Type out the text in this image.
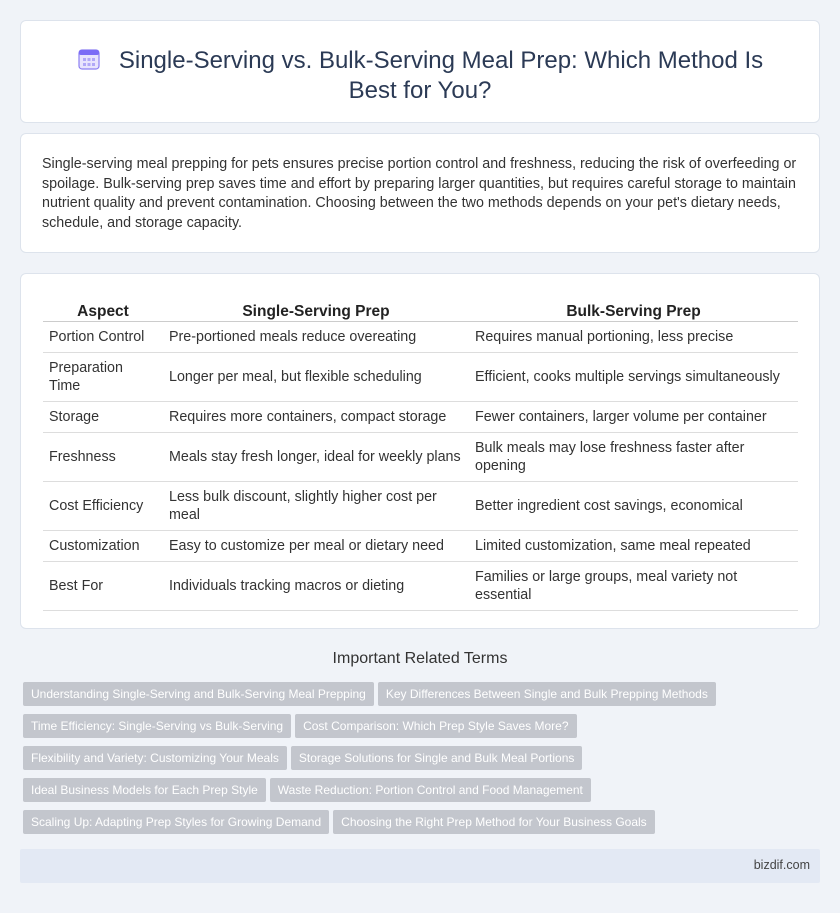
Single-Serving vs. Bulk-Serving Meal Prep: Which Method Is Best for You?

Single-serving meal prepping for pets ensures precise portion control and freshness, reducing the risk of overfeeding or spoilage. Bulk-serving prep saves time and effort by preparing larger quantities, but requires careful storage to maintain nutrient quality and prevent contamination. Choosing between the two methods depends on your pet's dietary needs, schedule, and storage capacity.

Aspect	Single-Serving Prep	Bulk-Serving Prep
Portion Control	Pre-portioned meals reduce overeating	Requires manual portioning, less precise
Preparation Time	Longer per meal, but flexible scheduling	Efficient, cooks multiple servings simultaneously
Storage	Requires more containers, compact storage	Fewer containers, larger volume per container
Freshness	Meals stay fresh longer, ideal for weekly plans	Bulk meals may lose freshness faster after opening
Cost Efficiency	Less bulk discount, slightly higher cost per meal	Better ingredient cost savings, economical
Customization	Easy to customize per meal or dietary need	Limited customization, same meal repeated
Best For	Individuals tracking macros or dieting	Families or large groups, meal variety not essential
Important Related Terms
Understanding Single-Serving and Bulk-Serving Meal Prepping Key Differences Between Single and Bulk Prepping Methods
Time Efficiency: Single-Serving vs Bulk-Serving Cost Comparison: Which Prep Style Saves More?
Flexibility and Variety: Customizing Your Meals Storage Solutions for Single and Bulk Meal Portions
Ideal Business Models for Each Prep Style Waste Reduction: Portion Control and Food Management
Scaling Up: Adapting Prep Styles for Growing Demand Choosing the Right Prep Method for Your Business Goals
bizdif.com
